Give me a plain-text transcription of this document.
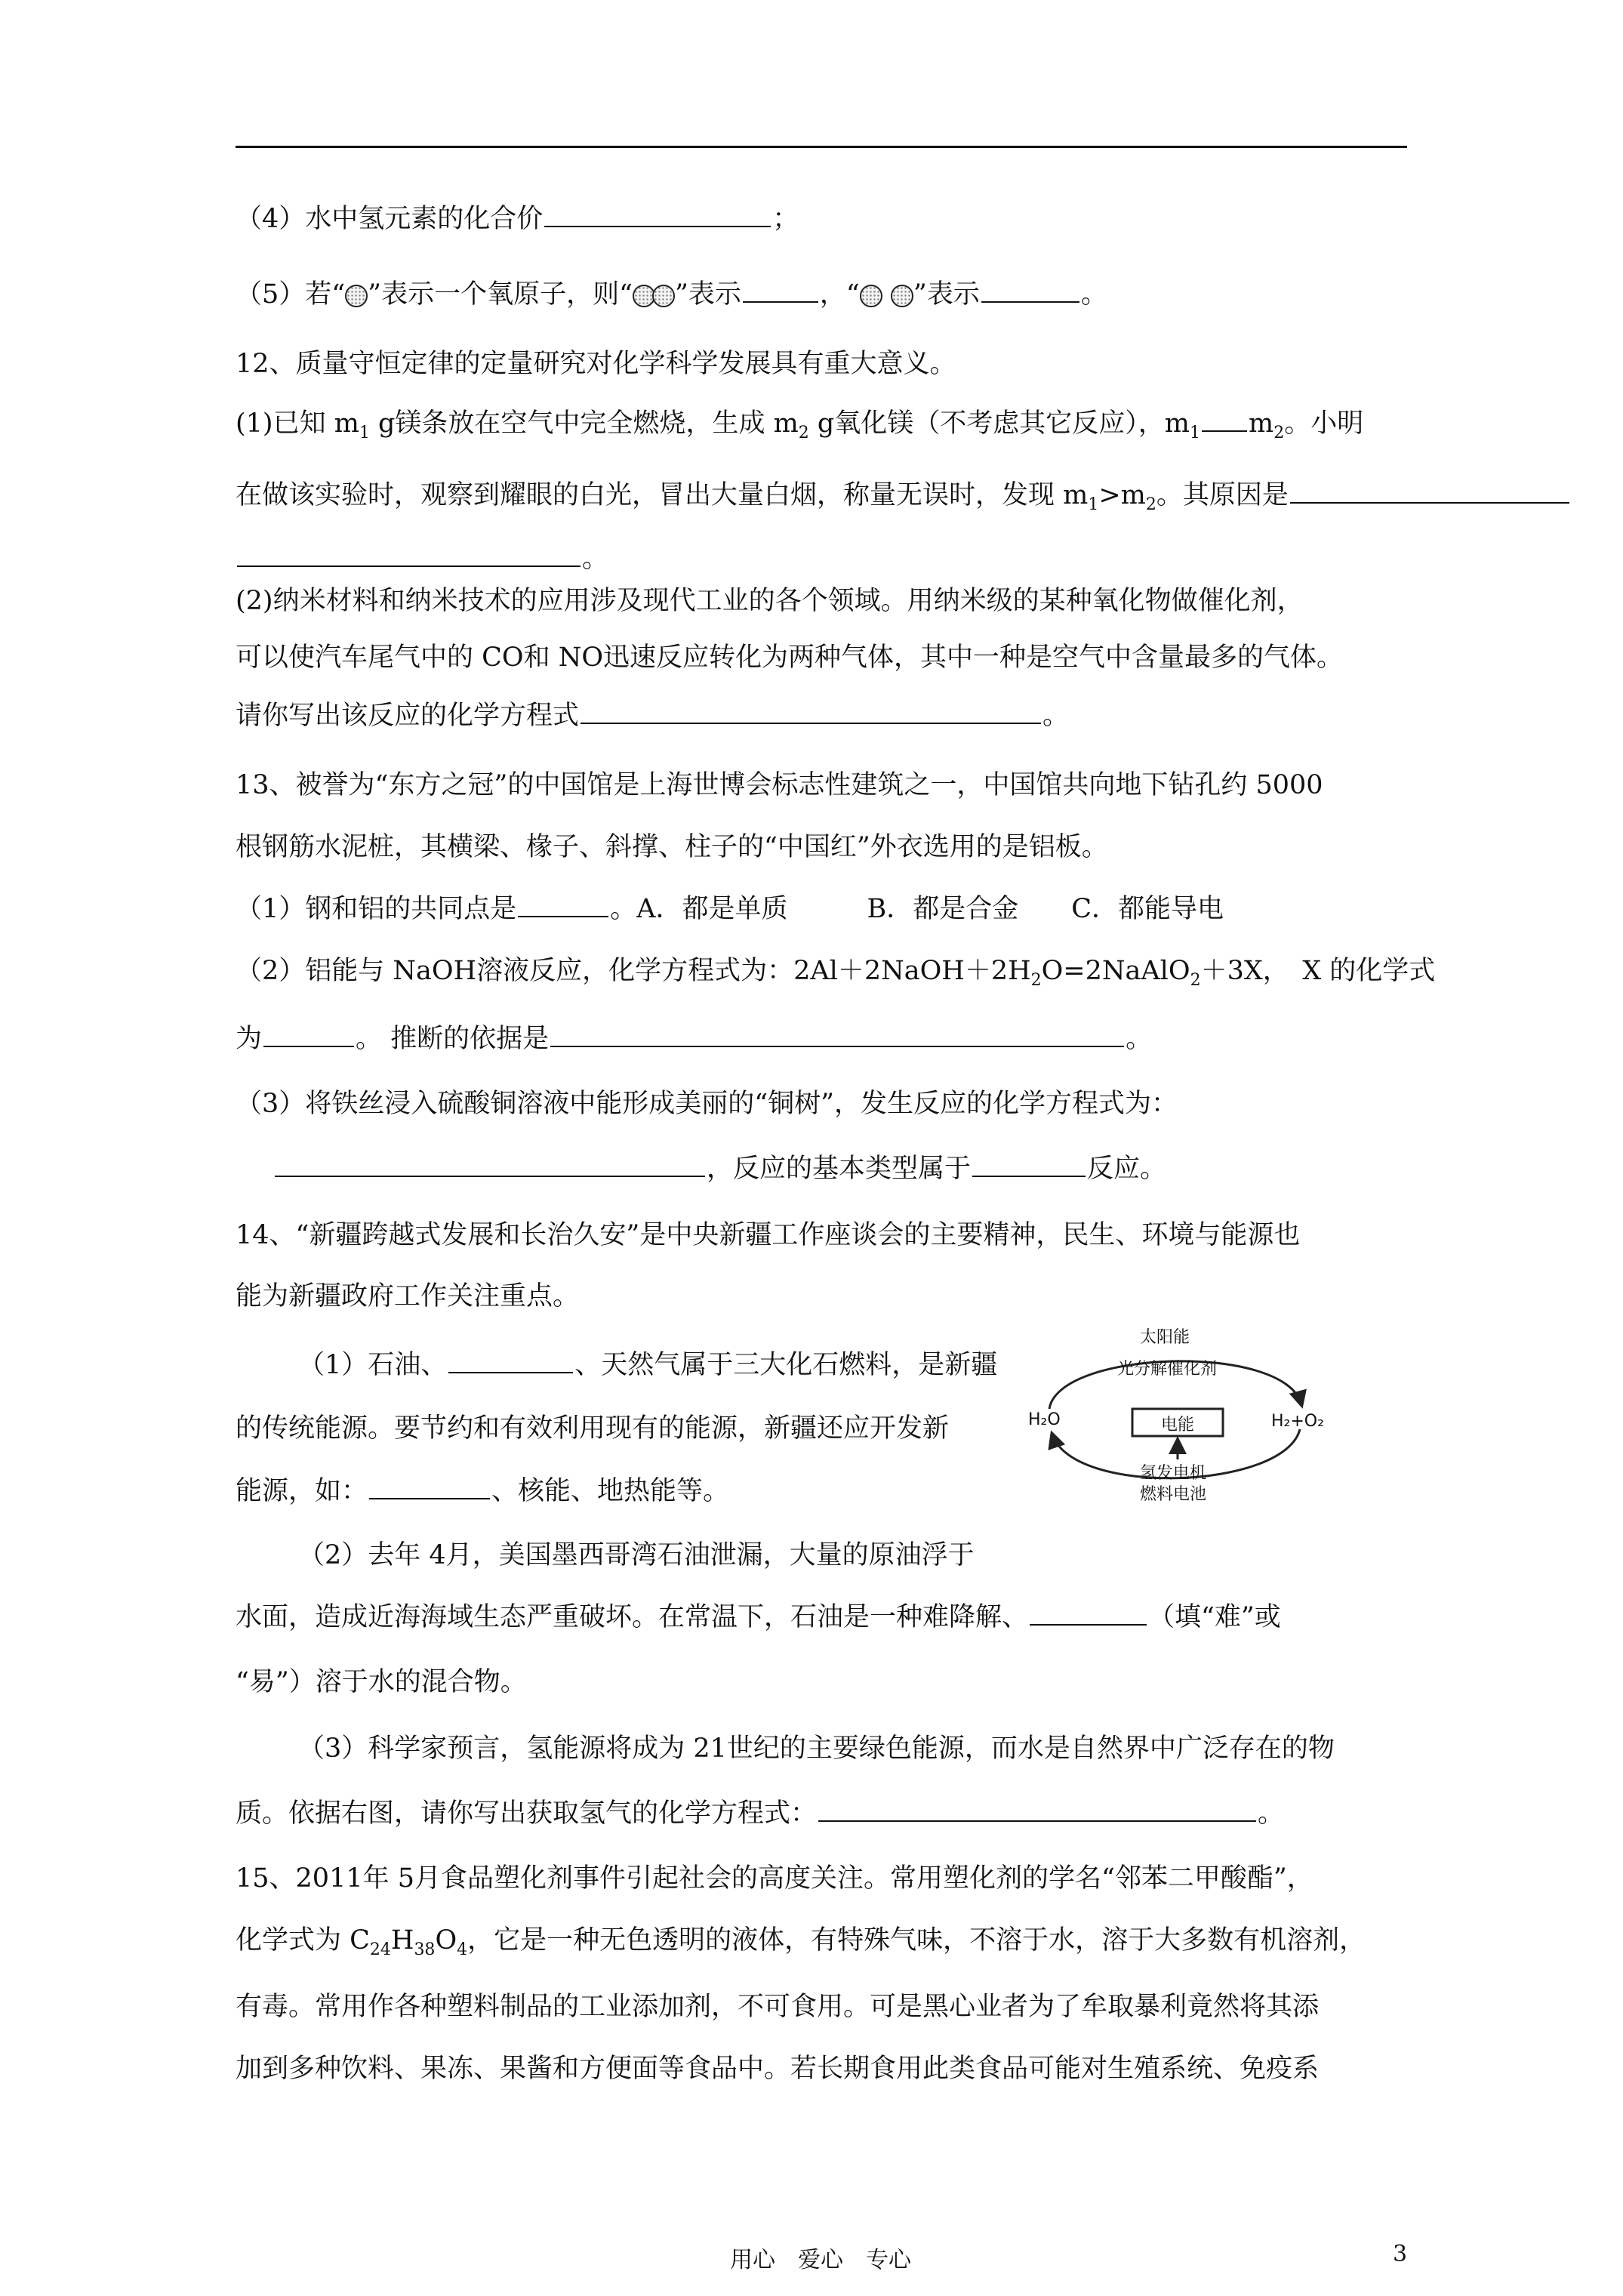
（4）水中氢元素的化合价	；
（5）若“ ”表示一个氧原子，则“ ”表示	，“ ”表示	。
12、质量守恒定律的定量研究对化学科学发展具有重大意义。
(1)已知 $m_1$ g镁条放在空气中完全燃烧，生成 $m_2$ g氧化镁（不考虑其它反应），$m_1$ $m_2$。小明
在做该实验时，观察到耀眼的白光，冒出大量白烟，称量无误时，发现 $m_1>m_2$。其原因是
。
(2)纳米材料和纳米技术的应用涉及现代工业的各个领域。用纳米级的某种氧化物做催化剂，
可以使汽车尾气中的 CO和 NO迅速反应转化为两种气体，其中一种是空气中含量最多的气体。
请你写出该反应的化学方程式	。
13、被誉为“东方之冠”的中国馆是上海世博会标志性建筑之一，中国馆共向地下钻孔约 5000
根钢筋水泥桩，其横梁、椽子、斜撑、柱子的“中国红”外衣选用的是铝板。
（1）钢和铝的共同点是	。A．都是单质　　　B．都是合金　　C．都能导电
（2）铝能与 NaOH溶液反应，化学方程式为：$2Al+2NaOH+2H_2O=2NaAlO_2+3X$，　X 的化学式
为	。 推断的依据是	。
（3）将铁丝浸入硫酸铜溶液中能形成美丽的“铜树”，发生反应的化学方程式为：
，反应的基本类型属于	反应。
14、“新疆跨越式发展和长治久安”是中央新疆工作座谈会的主要精神，民生、环境与能源也
能为新疆政府工作关注重点。
（1）石油、	、天然气属于三大化石燃料，是新疆
的传统能源。要节约和有效利用现有的能源，新疆还应开发新
能源，如：	、核能、地热能等。
（2）去年 4月，美国墨西哥湾石油泄漏，大量的原油浮于
水面，造成近海海域生态严重破坏。在常温下，石油是一种难降解、	（填“难”或
“易”）溶于水的混合物。
（3）科学家预言，氢能源将成为 21世纪的主要绿色能源，而水是自然界中广泛存在的物
质。依据右图，请你写出获取氢气的化学方程式：	。
太阳能
光分解催化剂
H₂O	H₂+O₂
电能
氢发电机
燃料电池
15、2011年 5月食品塑化剂事件引起社会的高度关注。常用塑化剂的学名“邻苯二甲酸酯”，
化学式为 $C_{24}H_{38}O_4$，它是一种无色透明的液体，有特殊气味，不溶于水，溶于大多数有机溶剂，
有毒。常用作各种塑料制品的工业添加剂，不可食用。可是黑心业者为了牟取暴利竟然将其添
加到多种饮料、果冻、果酱和方便面等食品中。若长期食用此类食品可能对生殖系统、免疫系
用心　爱心　专心	3
